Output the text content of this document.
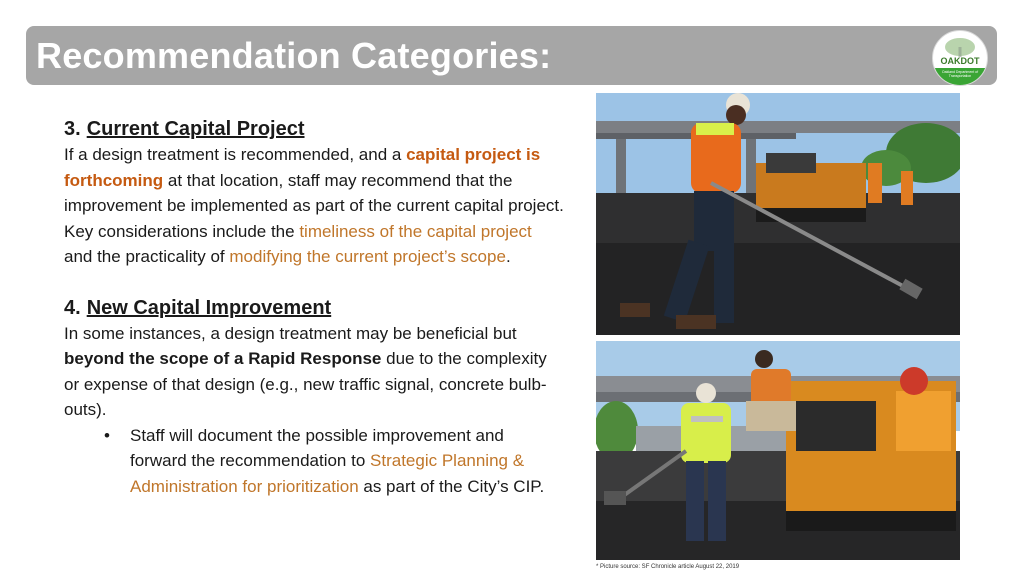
Recommendation Categories:	OAKDOT
Oakland Department of Transportation

3. Current Capital Project

If a design treatment is recommended, and a capital project is forthcoming at that location, staff may recommend that the improvement be implemented as part of the current capital project. Key considerations include the timeliness of the capital project and the practicality of modifying the current project’s scope.

4. New Capital Improvement

In some instances, a design treatment may be beneficial but beyond the scope of a Rapid Response due to the complexity or expense of that design (e.g., new traffic signal, concrete bulb-outs).

• Staff will document the possible improvement and forward the recommendation to Strategic Planning & Administration for prioritization as part of the City’s CIP.
* Picture source: SF Chronicle article August 22, 2019
